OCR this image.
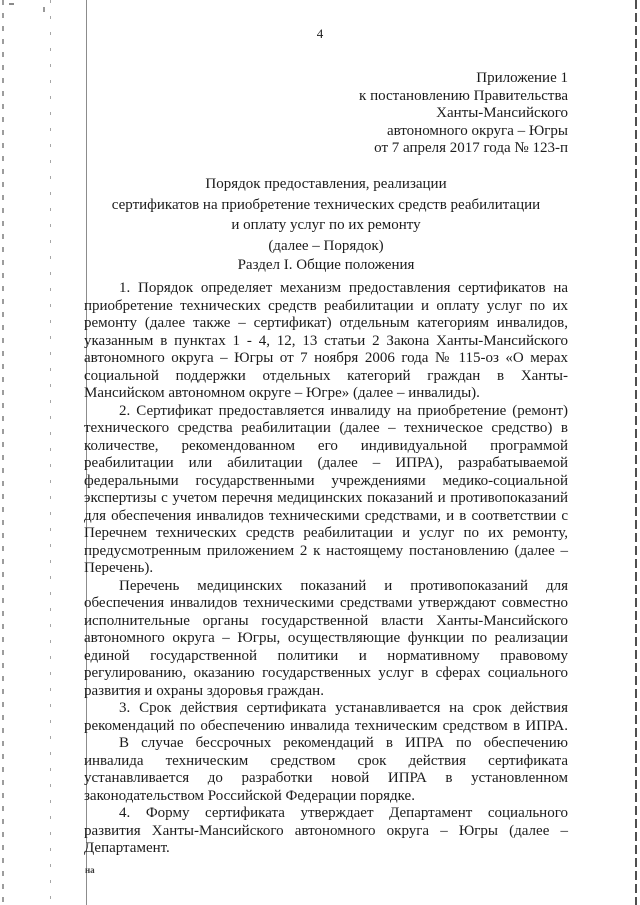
4
Приложение 1
к постановлению Правительства
Ханты-Мансийского
автономного округа – Югры
от 7 апреля 2017 года № 123-п
Порядок предоставления, реализации
сертификатов на приобретение технических средств реабилитации
и оплату услуг по их ремонту
(далее – Порядок)
Раздел I. Общие положения
1. Порядок определяет механизм предоставления сертификатов на
приобретение технических средств реабилитации и оплату услуг по их
ремонту (далее также – сертификат) отдельным категориям инвалидов,
указанным в пунктах 1 - 4, 12, 13 статьи 2 Закона Ханты-Мансийского
автономного округа – Югры от 7 ноября 2006 года № 115-оз «О мерах
социальной поддержки отдельных категорий граждан в Ханты-
Мансийском автономном округе – Югре» (далее – инвалиды).
2. Сертификат предоставляется инвалиду на приобретение (ремонт)
технического средства реабилитации (далее – техническое средство) в
количестве, рекомендованном его индивидуальной программой
реабилитации или абилитации (далее – ИПРА), разрабатываемой
федеральными государственными учреждениями медико-социальной
экспертизы с учетом перечня медицинских показаний и противопоказаний
для обеспечения инвалидов техническими средствами, и в соответствии с
Перечнем технических средств реабилитации и услуг по их ремонту,
предусмотренным приложением 2 к настоящему постановлению (далее –
Перечень).
Перечень медицинских показаний и противопоказаний для
обеспечения инвалидов техническими средствами утверждают совместно
исполнительные органы государственной власти Ханты-Мансийского
автономного округа – Югры, осуществляющие функции по реализации
единой государственной политики и нормативному правовому
регулированию, оказанию государственных услуг в сферах социального
развития и охраны здоровья граждан.
3. Срок действия сертификата устанавливается на срок действия
рекомендаций по обеспечению инвалида техническим средством в ИПРА.
В случае бессрочных рекомендаций в ИПРА по обеспечению
инвалида техническим средством срок действия сертификата
устанавливается до разработки новой ИПРА в установленном
законодательством Российской Федерации порядке.
4. Форму сертификата утверждает Департамент социального
развития Ханты-Мансийского автономного округа – Югры (далее –
Департамент.
на
